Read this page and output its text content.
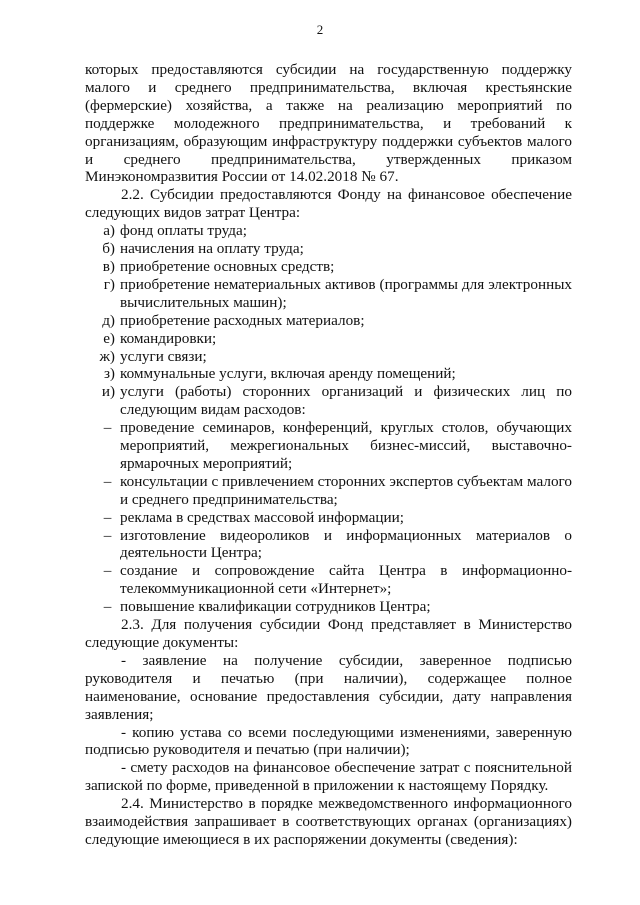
2

которых предоставляются субсидии на государственную поддержку малого и среднего предпринимательства, включая крестьянские (фермерские) хозяйства, а также на реализацию мероприятий по поддержке молодежного предпринимательства, и требований к организациям, образующим инфраструктуру поддержки субъектов малого и среднего предпринимательства, утвержденных приказом Минэкономразвития России от 14.02.2018 № 67.

2.2. Субсидии предоставляются Фонду на финансовое обеспечение следующих видов затрат Центра:

а) фонд оплаты труда;
б) начисления на оплату труда;
в) приобретение основных средств;
г) приобретение нематериальных активов (программы для электронных вычислительных машин);
д) приобретение расходных материалов;
е) командировки;
ж) услуги связи;
з) коммунальные услуги, включая аренду помещений;
и) услуги (работы) сторонних организаций и физических лиц по следующим видам расходов:
– проведение семинаров, конференций, круглых столов, обучающих мероприятий, межрегиональных бизнес-миссий, выставочно-ярмарочных мероприятий;
– консультации с привлечением сторонних экспертов субъектам малого и среднего предпринимательства;
– реклама в средствах массовой информации;
– изготовление видеороликов и информационных материалов о деятельности Центра;
– создание и сопровождение сайта Центра в информационно-телекоммуникационной сети «Интернет»;
– повышение квалификации сотрудников Центра;

2.3. Для получения субсидии Фонд представляет в Министерство следующие документы:

- заявление на получение субсидии, заверенное подписью руководителя и печатью (при наличии), содержащее полное наименование, основание предоставления субсидии, дату направления заявления;

- копию устава со всеми последующими изменениями, заверенную подписью руководителя и печатью (при наличии);

- смету расходов на финансовое обеспечение затрат с пояснительной запиской по форме, приведенной в приложении к настоящему Порядку.

2.4. Министерство в порядке межведомственного информационного взаимодействия запрашивает в соответствующих органах (организациях) следующие имеющиеся в их распоряжении документы (сведения):
